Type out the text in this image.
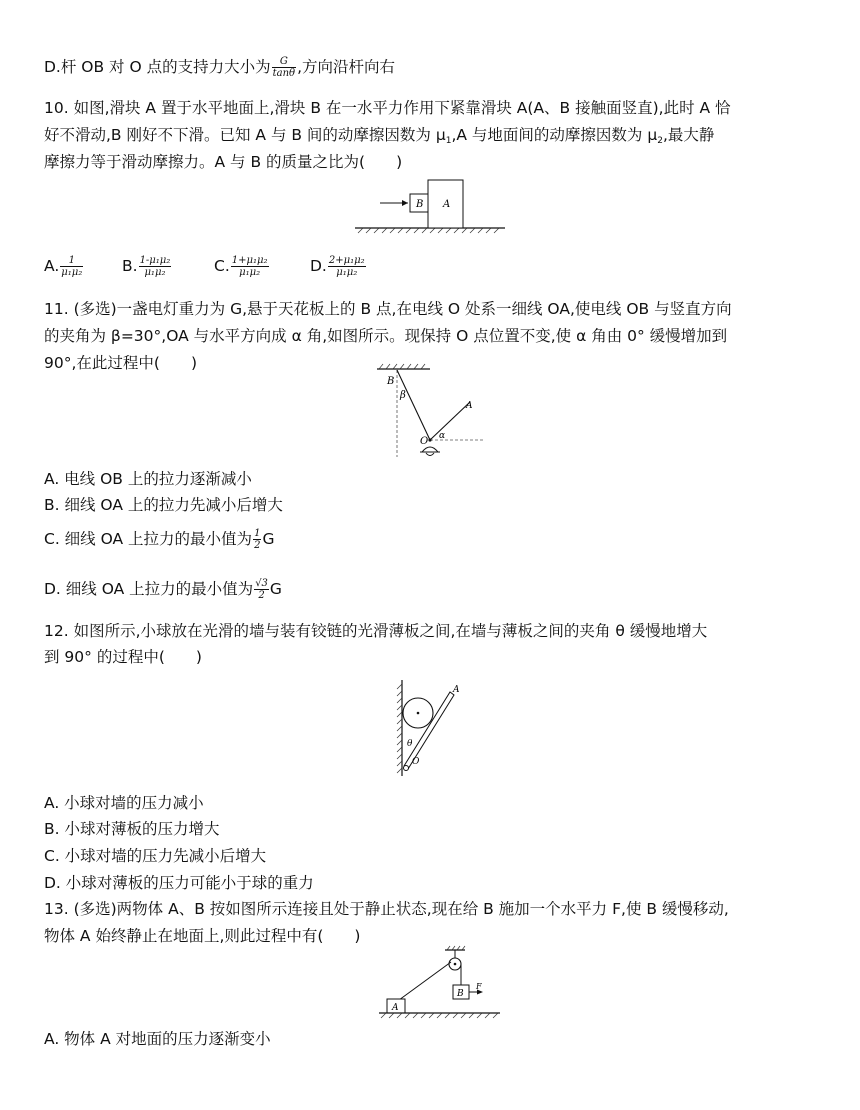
D.杆 OB 对 O 点的支持力大小为 $\frac{G}{\tan\theta}$ ,方向沿杆向右
10. 如图,滑块 A 置于水平地面上,滑块 B 在一水平力作用下紧靠滑块 A(A、B 接触面竖直),此时 A 恰
好不滑动,B 刚好不下滑。已知 A 与 B 间的动摩擦因数为 $\mu_1,A$ 与地面间的动摩擦因数为 $\mu_2$,最大静
摩擦力等于滑动摩擦力。A 与 B 的质量之比为(　　)
B A
A. $\frac{1}{\text{μ₁μ₂}} B$. $\frac{\text{1-μ₁μ₂}}{\text{μ₁μ₂}}$	C. $\frac{\text{1+μ₁μ₂}}{\text{μ₁μ₂}}$	D. $\frac{\text{2+μ₁μ₂}}{\text{μ₁μ₂}}$
11. (多选)一盏电灯重力为 G,悬于天花板上的 B 点,在电线 O 处系一细线 OA,使电线 OB 与竖直方向
的夹角为 β=30°,OA 与水平方向成 α 角,如图所示。现保持 O 点位置不变,使 α 角由 0° 缓慢增加到
90°,在此过程中(　　)
B
β
A
O α
A. 电线 OB 上的拉力逐渐减小
B. 细线 OA 上的拉力先减小后增大
C. 细线 OA 上拉力的最小值为 $\frac{1}{2}$ G
D. 细线 OA 上拉力的最小值为 $\frac{√3}{2}$ G
12. 如图所示,小球放在光滑的墙与装有铰链的光滑薄板之间,在墙与薄板之间的夹角 θ 缓慢地增大
到 90° 的过程中(　　)
A
θ
O
A. 小球对墙的压力减小
B. 小球对薄板的压力增大
C. 小球对墙的压力先减小后增大
D. 小球对薄板的压力可能小于球的重力
13. (多选)两物体 A、B 按如图所示连接且处于静止状态,现在给 B 施加一个水平力 F,使 B 缓慢移动,
物体 A 始终静止在地面上,则此过程中有(　　)
A
B
F
A. 物体 A 对地面的压力逐渐变小
